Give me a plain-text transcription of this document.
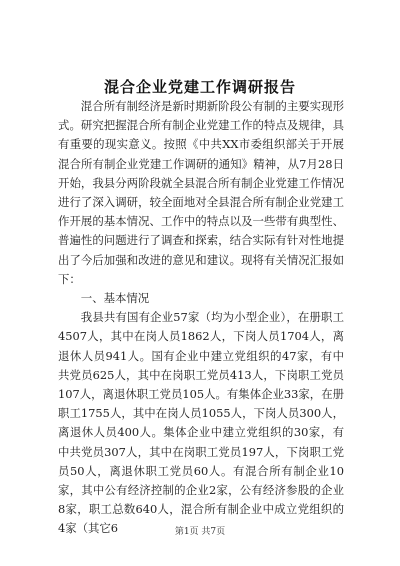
混合企业党建工作调研报告

混合所有制经济是新时期新阶段公有制的主要实现形式。研究把握混合所有制企业党建工作的特点及规律，具有重要的现实意义。按照《中共XX市委组织部关于开展混合所有制企业党建工作调研的通知》精神，从7月28日开始，我县分两阶段就全县混合所有制企业党建工作情况进行了深入调研，较全面地对全县混合所有制企业党建工作开展的基本情况、工作中的特点以及一些带有典型性、普遍性的问题进行了调查和探索，结合实际有针对性地提出了今后加强和改进的意见和建议。现将有关情况汇报如下：

一、基本情况

我县共有国有企业57家（均为小型企业），在册职工4507人，其中在岗人员1862人，下岗人员1704人，离退休人员941人。国有企业中建立党组织的47家，有中共党员625人，其中在岗职工党员413人，下岗职工党员107人，离退休职工党员105人。有集体企业33家，在册职工1755人，其中在岗人员1055人，下岗人员300人，离退休人员400人。集体企业中建立党组织的30家，有中共党员307人，其中在岗职工党员197人，下岗职工党员50人，离退休职工党员60人。有混合所有制企业10家，其中公有经济控制的企业2家，公有经济参股的企业8家，职工总数640人，混合所有制企业中成立党组织的4家（其它6	第1页 共7页
